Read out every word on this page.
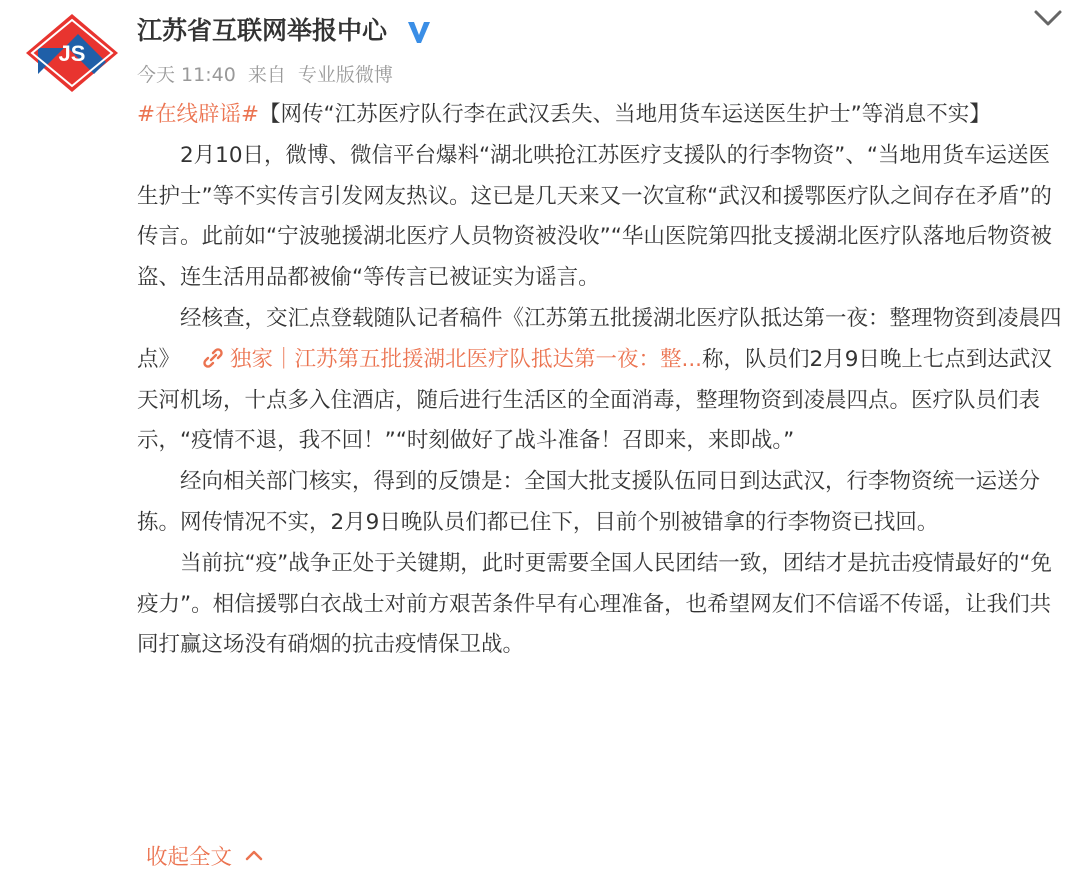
JS
江苏省互联网举报中心
今天 11:40 来自 专业版微博

#在线辟谣#【网传“江苏医疗队行李在武汉丢失、当地用货车运送医生护士”等消息不实】

2月10日，微博、微信平台爆料“湖北哄抢江苏医疗支援队的行李物资”、“当地用货车运送医生护士”等不实传言引发网友热议。这已是几天来又一次宣称“武汉和援鄂医疗队之间存在矛盾”的传言。此前如“宁波驰援湖北医疗人员物资被没收”“华山医院第四批支援湖北医疗队落地后物资被盗、连生活用品都被偷“等传言已被证实为谣言。

经核查，交汇点登载随队记者稿件《江苏第五批援湖北医疗队抵达第一夜：整理物资到凌晨四点》 独家｜江苏第五批援湖北医疗队抵达第一夜：整...称，队员们2月9日晚上七点到达武汉天河机场，十点多入住酒店，随后进行生活区的全面消毒，整理物资到凌晨四点。医疗队员们表示，“疫情不退，我不回！”“时刻做好了战斗准备！召即来，来即战。”

经向相关部门核实，得到的反馈是：全国大批支援队伍同日到达武汉，行李物资统一运送分拣。网传情况不实，2月9日晚队员们都已住下，目前个别被错拿的行李物资已找回。

当前抗“疫”战争正处于关键期，此时更需要全国人民团结一致，团结才是抗击疫情最好的“免疫力”。相信援鄂白衣战士对前方艰苦条件早有心理准备，也希望网友们不信谣不传谣，让我们共同打赢这场没有硝烟的抗击疫情保卫战。

收起全文
